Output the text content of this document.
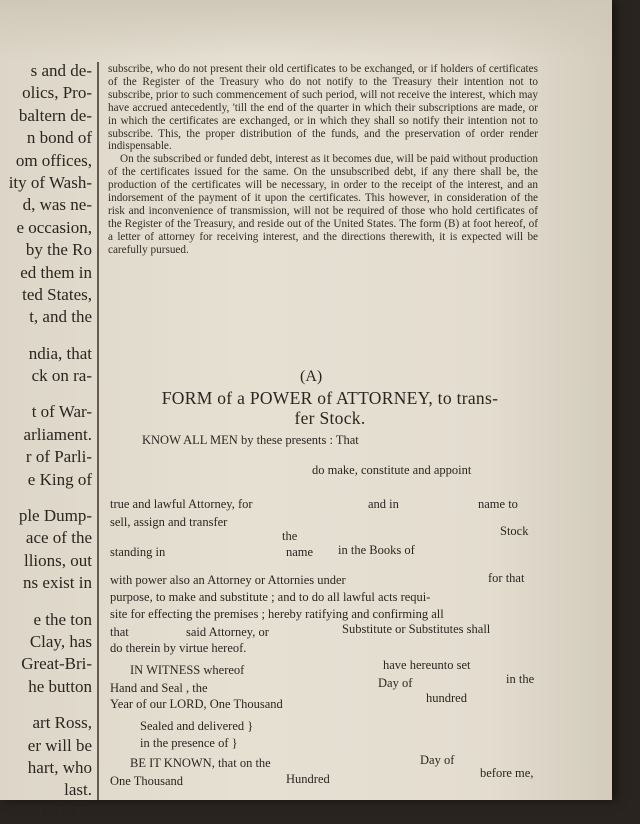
s and de-
olics, Pro-
baltern de-
n bond of
om offices,
ity of Wash-
d, was ne-
e occasion,
by the Ro
ed them in
ted States,
t, and the
ndia, that
ck on ra-
t of War-
arliament.
r of Parli-
e King of
ple Dump-
ace of the
llions, out
ns exist in
e the ton
Clay, has
Great-Bri-
he button
art Ross,
er will be
hart, who
last.
L. L. D.

subscribe, who do not present their old certificates to be exchanged, or if holders of certificates of the Register of the Treasury who do not notify to the Treasury their intention not to subscribe, prior to such commencement of such period, will not receive the interest, which may have accrued antecedently, 'till the end of the quarter in which their subscriptions are made, or in which the certificates are exchanged, or in which they shall so notify their intention not to subscribe. This, the proper distribution of the funds, and the preservation of order render indispensable.

On the subscribed or funded debt, interest as it becomes due, will be paid without production of the certificates issued for the same. On the unsubscribed debt, if any there shall be, the production of the certificates will be necessary, in order to the receipt of the interest, and an indorsement of the payment of it upon the certificates. This however, in consideration of the risk and inconvenience of transmission, will not be required of those who hold certificates of the Register of the Treasury, and reside out of the United States. The form (B) at foot hereof, of a letter of attorney for receiving interest, and the directions therewith, it is expected will be carefully pursued.

(A)
FORM of a POWER of ATTORNEY, to trans-
fer Stock.
KNOW ALL MEN by these presents : That
do make, constitute and appoint
true and lawful Attorney, for	and in	name to
sell, assign and transfer
the	Stock
standing in	name in the Books of
with power also an Attorney or Attornies under	for that
purpose, to make and substitute ; and to do all lawful acts requi-
site for effecting the premises ; hereby ratifying and confirming all
that	said Attorney, or	Substitute or Substitutes shall
do therein by virtue hereof.
IN WITNESS whereof	have hereunto set
Hand and Seal , the	Day of	in the
Year of our LORD, One Thousand	hundred
Sealed and delivered }
in the presence of }
BE IT KNOWN, that on the	Day of
One Thousand	Hundred	before me,
